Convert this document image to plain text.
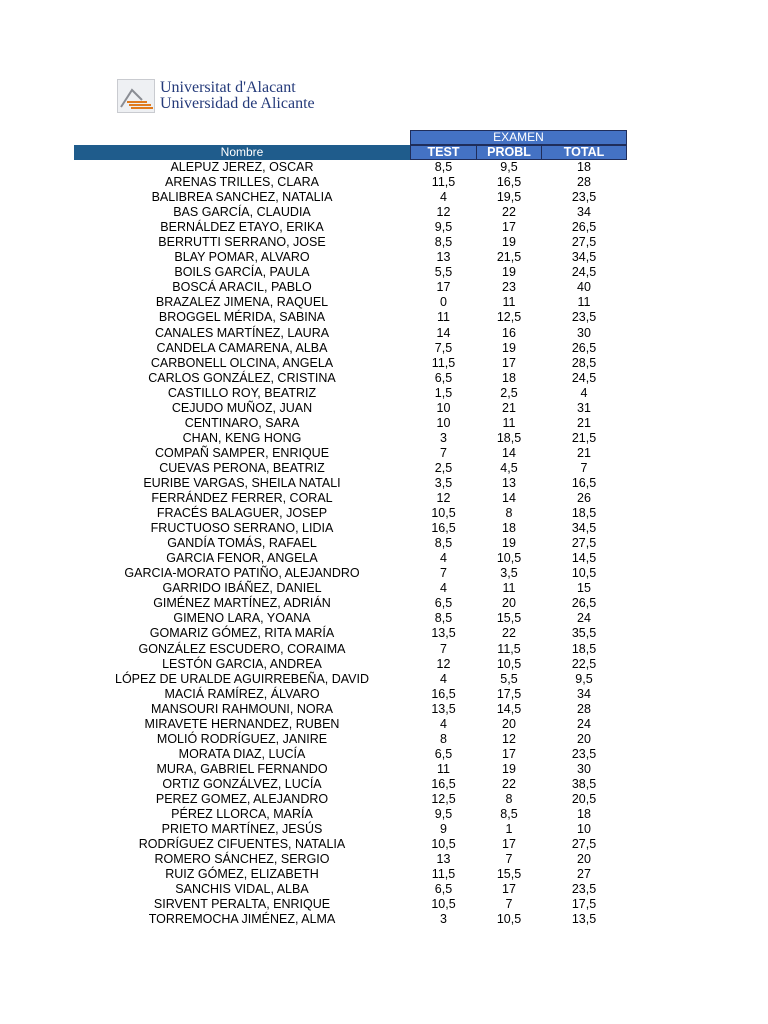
Universitat d'Alacant
Universidad de Alicante
EXAMEN
Nombre	TEST	PROBL	TOTAL
ALEPUZ JEREZ, OSCAR	8,5	9,5	18
ARENAS TRILLES, CLARA	11,5	16,5	28
BALIBREA SANCHEZ, NATALIA	4	19,5	23,5
BAS GARCÍA, CLAUDIA	12	22	34
BERNÁLDEZ ETAYO, ERIKA	9,5	17	26,5
BERRUTTI SERRANO, JOSE	8,5	19	27,5
BLAY POMAR, ALVARO	13	21,5	34,5
BOILS GARCÍA, PAULA	5,5	19	24,5
BOSCÁ ARACIL, PABLO	17	23	40
BRAZALEZ JIMENA, RAQUEL	0	11	11
BROGGEL MÉRIDA, SABINA	11	12,5	23,5
CANALES MARTÍNEZ, LAURA	14	16	30
CANDELA CAMARENA, ALBA	7,5	19	26,5
CARBONELL OLCINA, ANGELA	11,5	17	28,5
CARLOS GONZÁLEZ, CRISTINA	6,5	18	24,5
CASTILLO ROY, BEATRIZ	1,5	2,5	4
CEJUDO MUÑOZ, JUAN	10	21	31
CENTINARO, SARA	10	11	21
CHAN, KENG HONG	3	18,5	21,5
COMPAÑ SAMPER, ENRIQUE	7	14	21
CUEVAS PERONA, BEATRIZ	2,5	4,5	7
EURIBE VARGAS, SHEILA NATALI	3,5	13	16,5
FERRÁNDEZ FERRER, CORAL	12	14	26
FRACÉS BALAGUER, JOSEP	10,5	8	18,5
FRUCTUOSO SERRANO, LIDIA	16,5	18	34,5
GANDÍA TOMÁS, RAFAEL	8,5	19	27,5
GARCIA FENOR, ANGELA	4	10,5	14,5
GARCIA-MORATO PATIÑO, ALEJANDRO	7	3,5	10,5
GARRIDO IBÁÑEZ, DANIEL	4	11	15
GIMÉNEZ MARTÍNEZ, ADRIÁN	6,5	20	26,5
GIMENO LARA, YOANA	8,5	15,5	24
GOMARIZ GÓMEZ, RITA MARÍA	13,5	22	35,5
GONZÁLEZ ESCUDERO, CORAIMA	7	11,5	18,5
LESTÓN GARCIA, ANDREA	12	10,5	22,5
LÓPEZ DE URALDE AGUIRREBEÑA, DAVID	4	5,5	9,5
MACIÁ RAMÍREZ, ÁLVARO	16,5	17,5	34
MANSOURI RAHMOUNI, NORA	13,5	14,5	28
MIRAVETE HERNANDEZ, RUBEN	4	20	24
MOLIÓ RODRÍGUEZ, JANIRE	8	12	20
MORATA DIAZ, LUCÍA	6,5	17	23,5
MURA, GABRIEL FERNANDO	11	19	30
ORTIZ GONZÁLVEZ, LUCÍA	16,5	22	38,5
PEREZ GOMEZ, ALEJANDRO	12,5	8	20,5
PÉREZ LLORCA, MARÍA	9,5	8,5	18
PRIETO MARTÍNEZ, JESÚS	9	1	10
RODRÍGUEZ CIFUENTES, NATALIA	10,5	17	27,5
ROMERO SÁNCHEZ, SERGIO	13	7	20
RUIZ GÓMEZ, ELIZABETH	11,5	15,5	27
SANCHIS VIDAL, ALBA	6,5	17	23,5
SIRVENT PERALTA, ENRIQUE	10,5	7	17,5
TORREMOCHA JIMÉNEZ, ALMA	3	10,5	13,5
